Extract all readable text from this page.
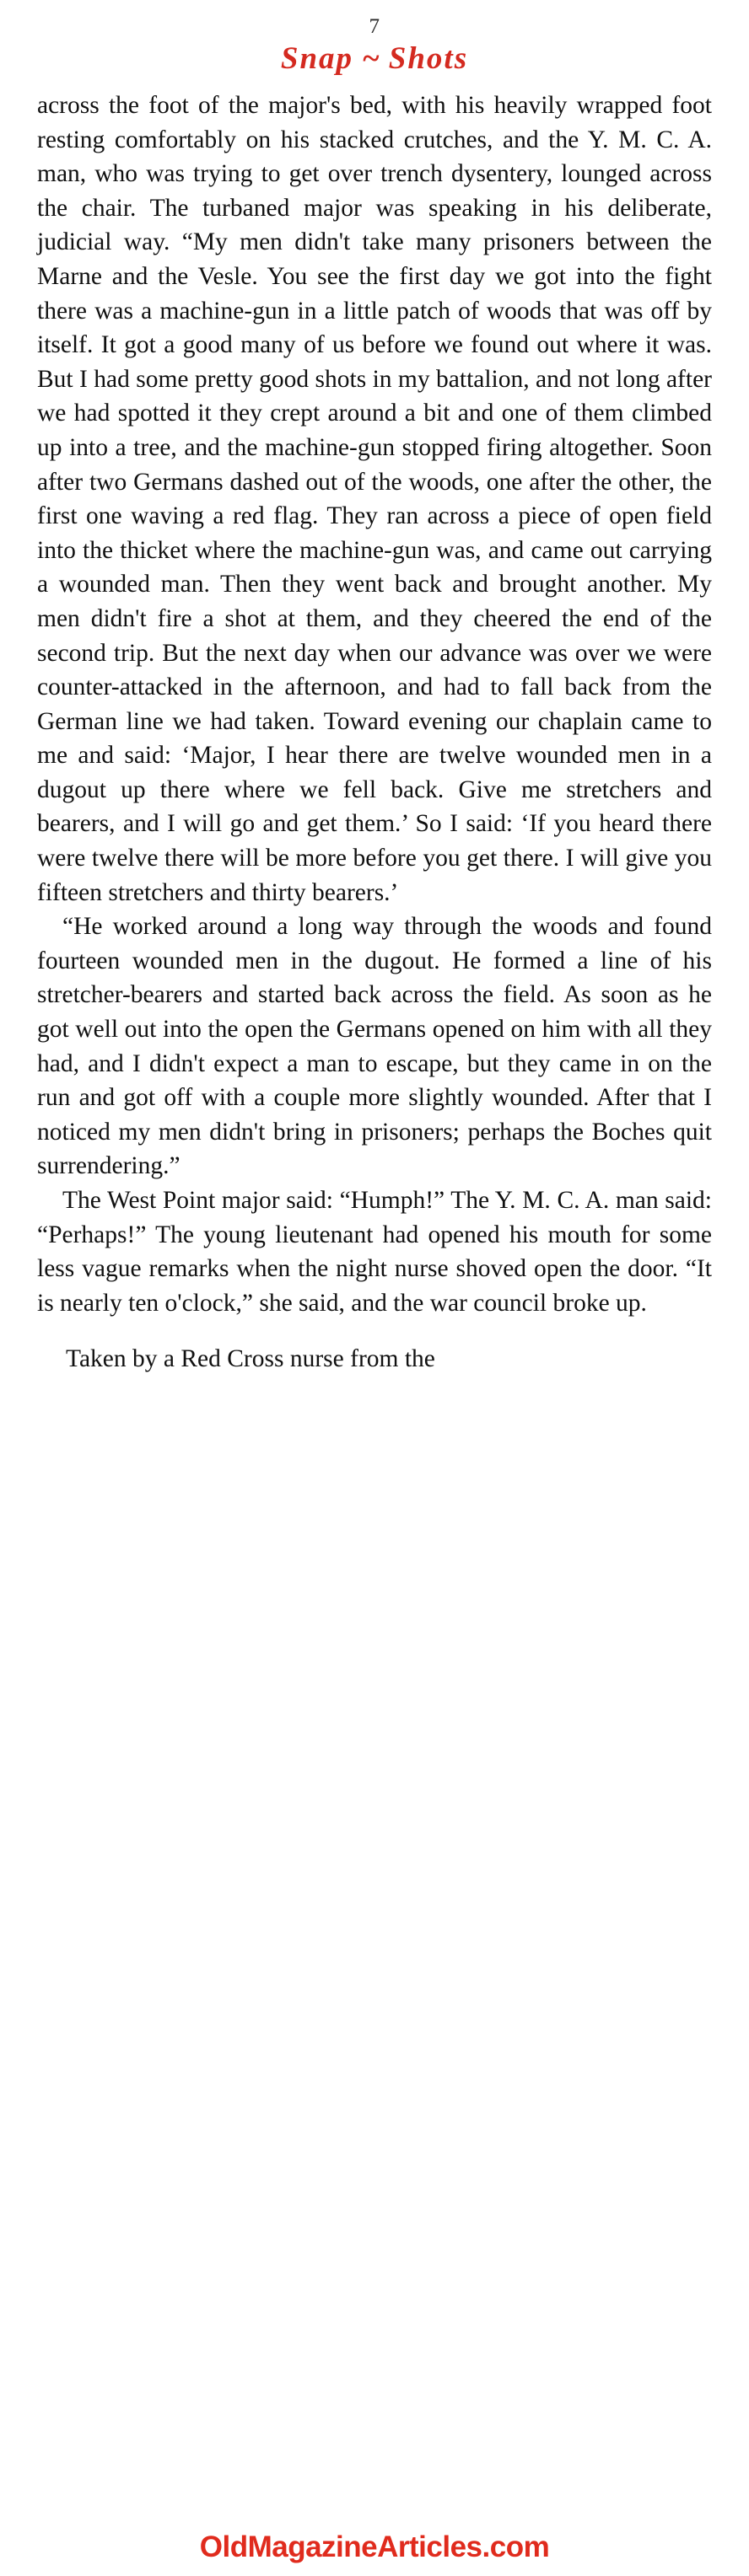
7
Snap ~ Shots

across the foot of the major's bed, with his heavily wrapped foot resting comfortably on his stacked crutches, and the Y. M. C. A. man, who was trying to get over trench dysentery, lounged across the chair. The turbaned major was speaking in his deliberate, judicial way. “My men didn't take many prisoners between the Marne and the Vesle. You see the first day we got into the fight there was a machine-gun in a little patch of woods that was off by itself. It got a good many of us before we found out where it was. But I had some pretty good shots in my battalion, and not long after we had spotted it they crept around a bit and one of them climbed up into a tree, and the machine-gun stopped firing altogether. Soon after two Germans dashed out of the woods, one after the other, the first one waving a red flag. They ran across a piece of open field into the thicket where the machine-gun was, and came out carrying a wounded man. Then they went back and brought another. My men didn't fire a shot at them, and they cheered the end of the second trip. But the next day when our advance was over we were counter-attacked in the afternoon, and had to fall back from the German line we had taken. Toward evening our chaplain came to me and said: ‘Major, I hear there are twelve wounded men in a dugout up there where we fell back. Give me stretchers and bearers, and I will go and get them.’ So I said: ‘If you heard there were twelve there will be more before you get there. I will give you fifteen stretchers and thirty bearers.’

“He worked around a long way through the woods and found fourteen wounded men in the dugout. He formed a line of his stretcher-bearers and started back across the field. As soon as he got well out into the open the Germans opened on him with all they had, and I didn't expect a man to escape, but they came in on the run and got off with a couple more slightly wounded. After that I noticed my men didn't bring in prisoners; perhaps the Boches quit surrendering.”

The West Point major said: “Humph!” The Y. M. C. A. man said: “Perhaps!” The young lieutenant had opened his mouth for some less vague remarks when the night nurse shoved open the door. “It is nearly ten o'clock,” she said, and the war council broke up.

Taken by a Red Cross nurse from the

OldMagazineArticles.com
